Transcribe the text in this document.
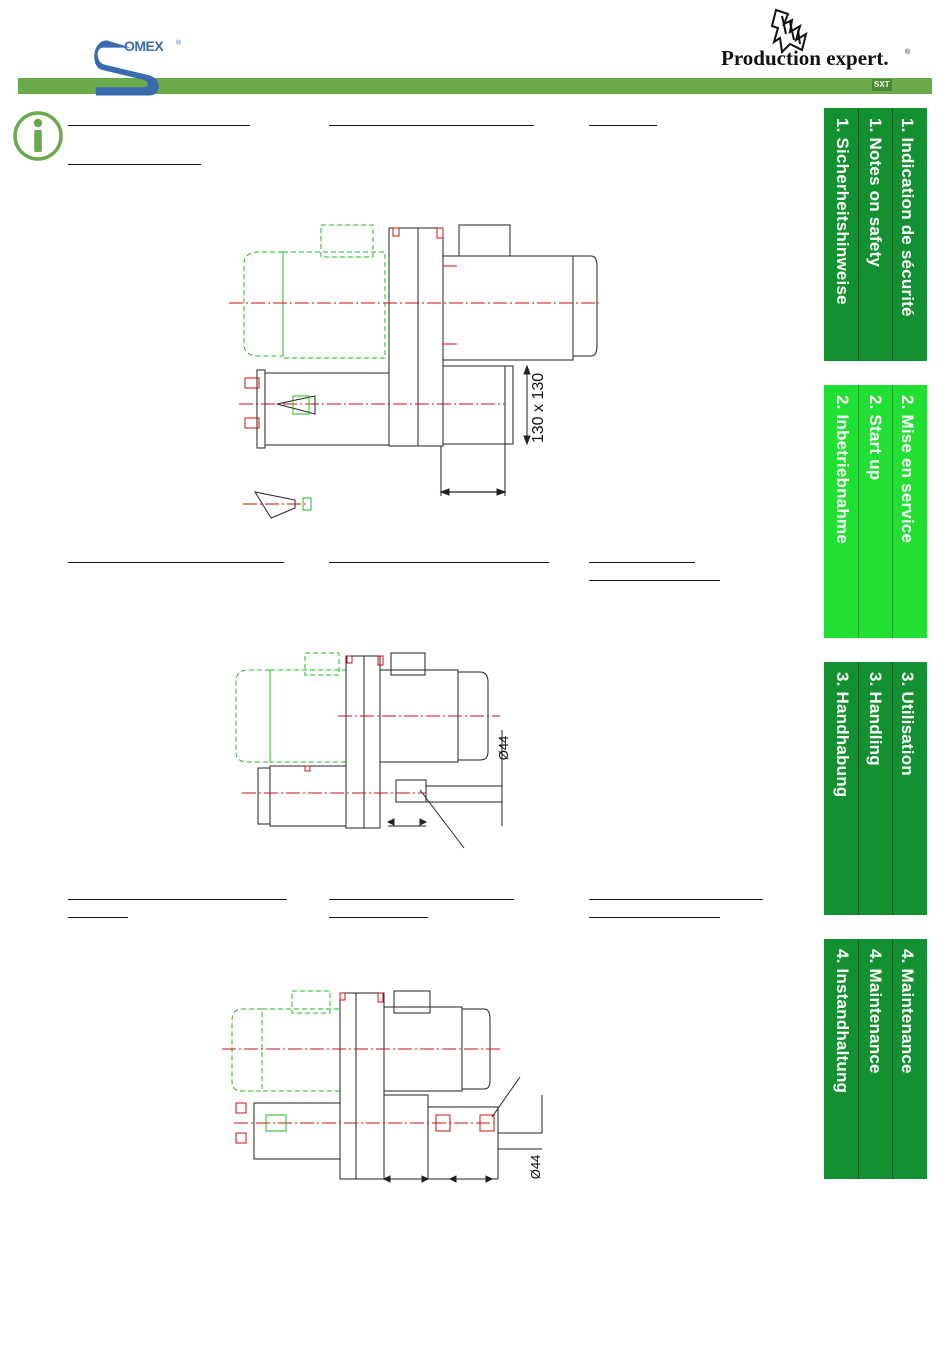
SXT
OMEX ®
Production expert. ®
130 x 130
Ø44
Ø44
1. Indication de sécurité
1. Notes on safety
1. Sicherheitshinweise
2. Mise en service
2. Start up
2. Inbetriebnahme
3. Utilisation
3. Handling
3. Handhabung
4. Maintenance
4. Maintenance
4. Instandhaltung
